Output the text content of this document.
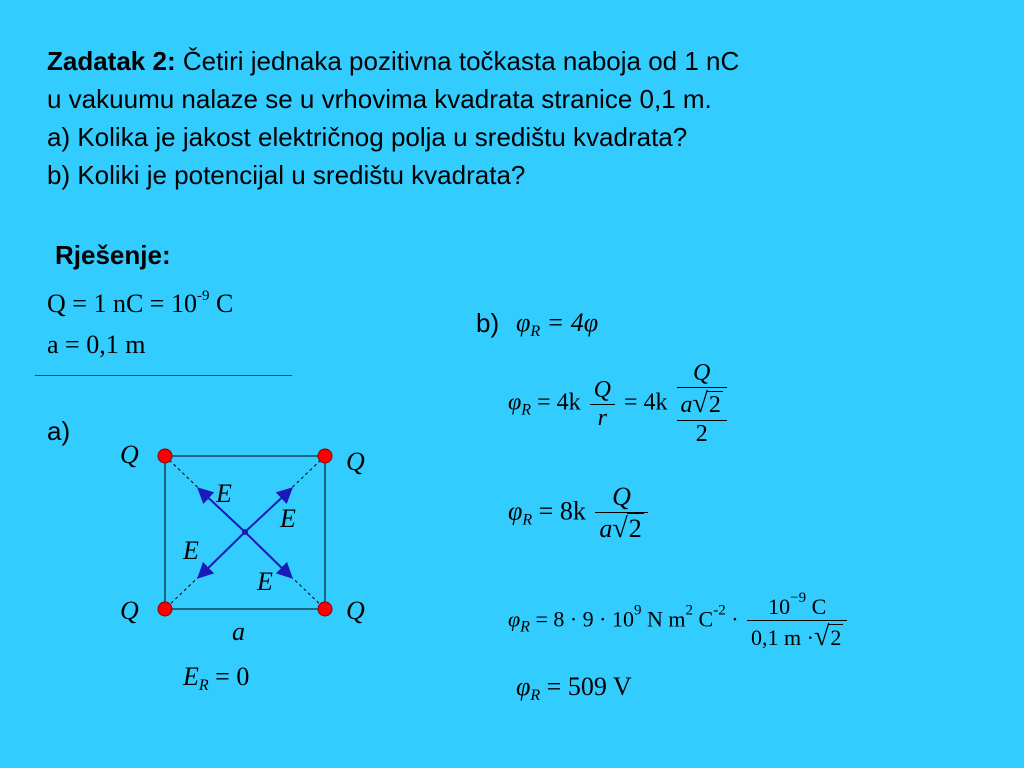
Zadatak 2: Četiri jednaka pozitivna točkasta naboja od 1 nC
u vakuumu nalaze se u vrhovima kvadrata stranice 0,1 m.
a) Kolika je jakost električnog polja u središtu kvadrata?
b) Koliki je potencijal u središtu kvadrata?
Rješenje:
Q = 1 nC = $10^{-9}$ C
a = 0,1 m
a)
Q	Q
Q	Q
E
E
E
E
a
$E_R = 0$
b) $\varphi_R = 4\varphi$
$\varphi_R = 4k \frac{Q}{r} = 4k$
Q
a√2
2
$\varphi_R = 8k \frac{Q}{a√2}$
$\varphi_R = 8 \cdot 9 \cdot 10^9$ N $m^2$ $C^{-2} \cdot \frac{10^{-9} C}{0,1 m \cdot√2}$
$\varphi_R = 509$ V
